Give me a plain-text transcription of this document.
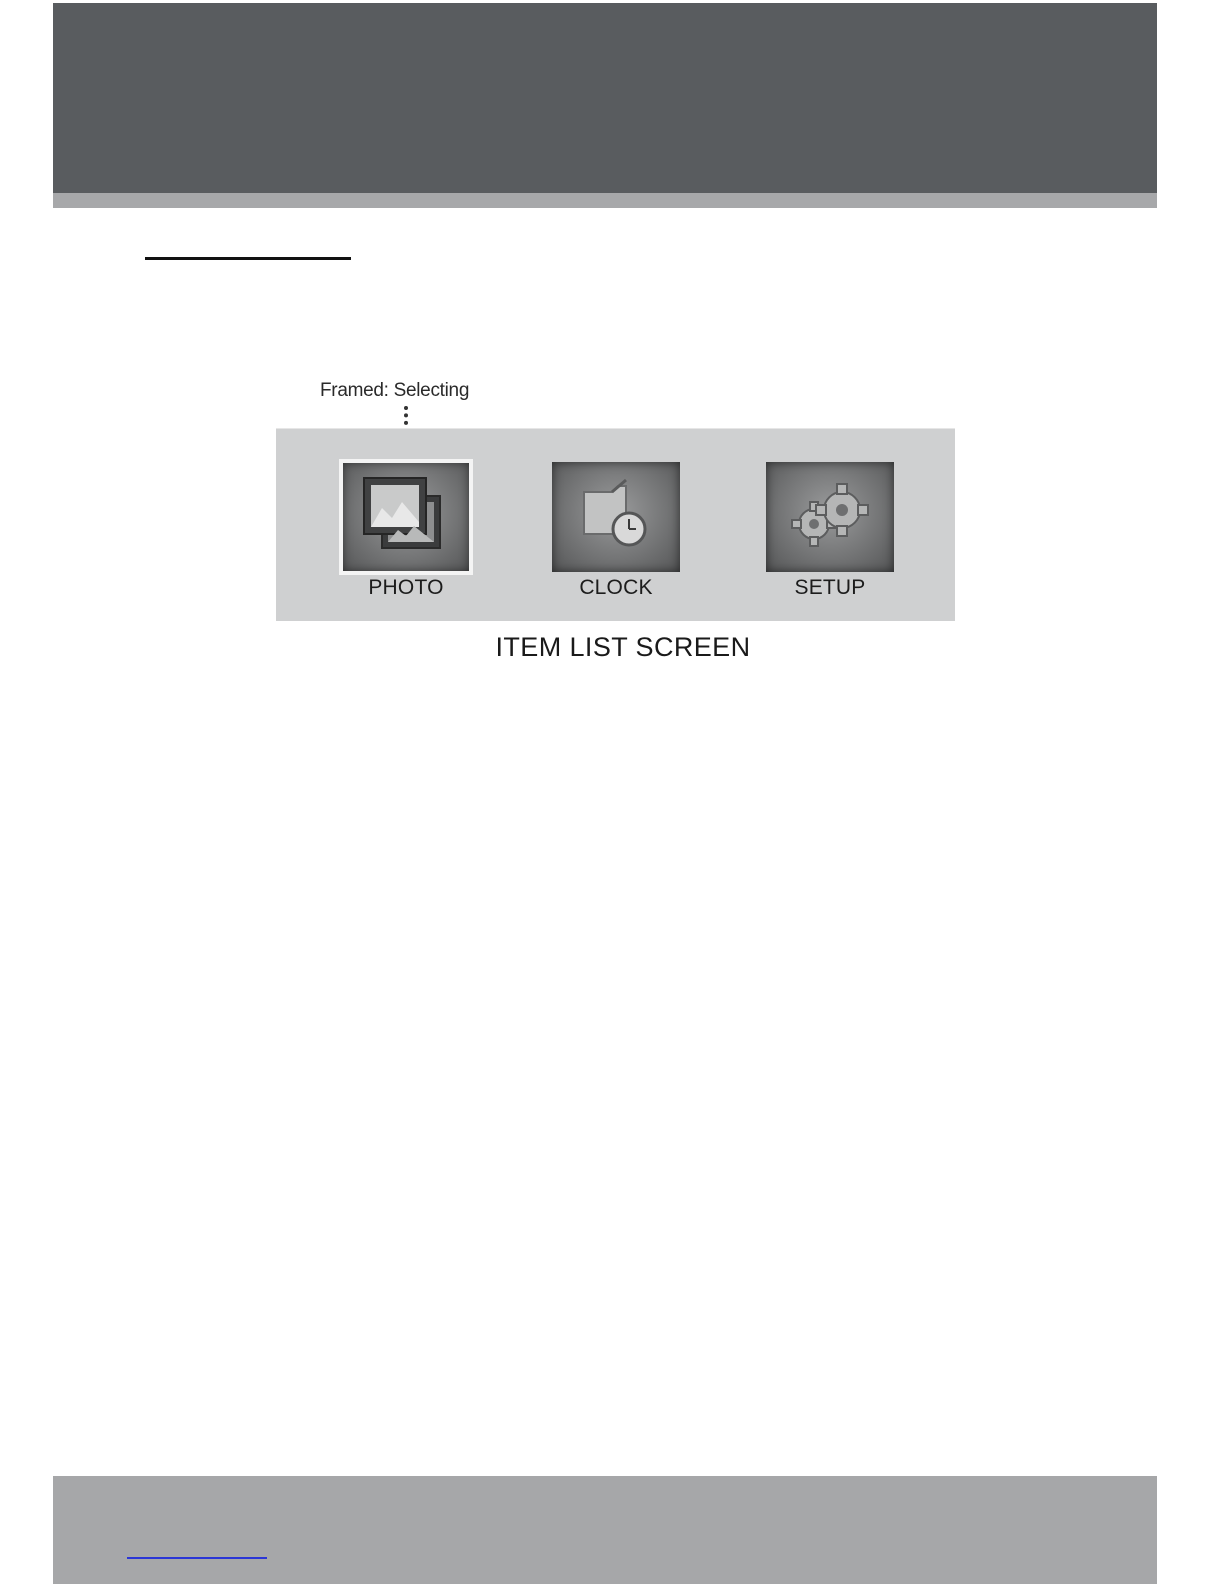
Framed: Selecting
PHOTO	CLOCK	SETUP
ITEM LIST SCREEN
